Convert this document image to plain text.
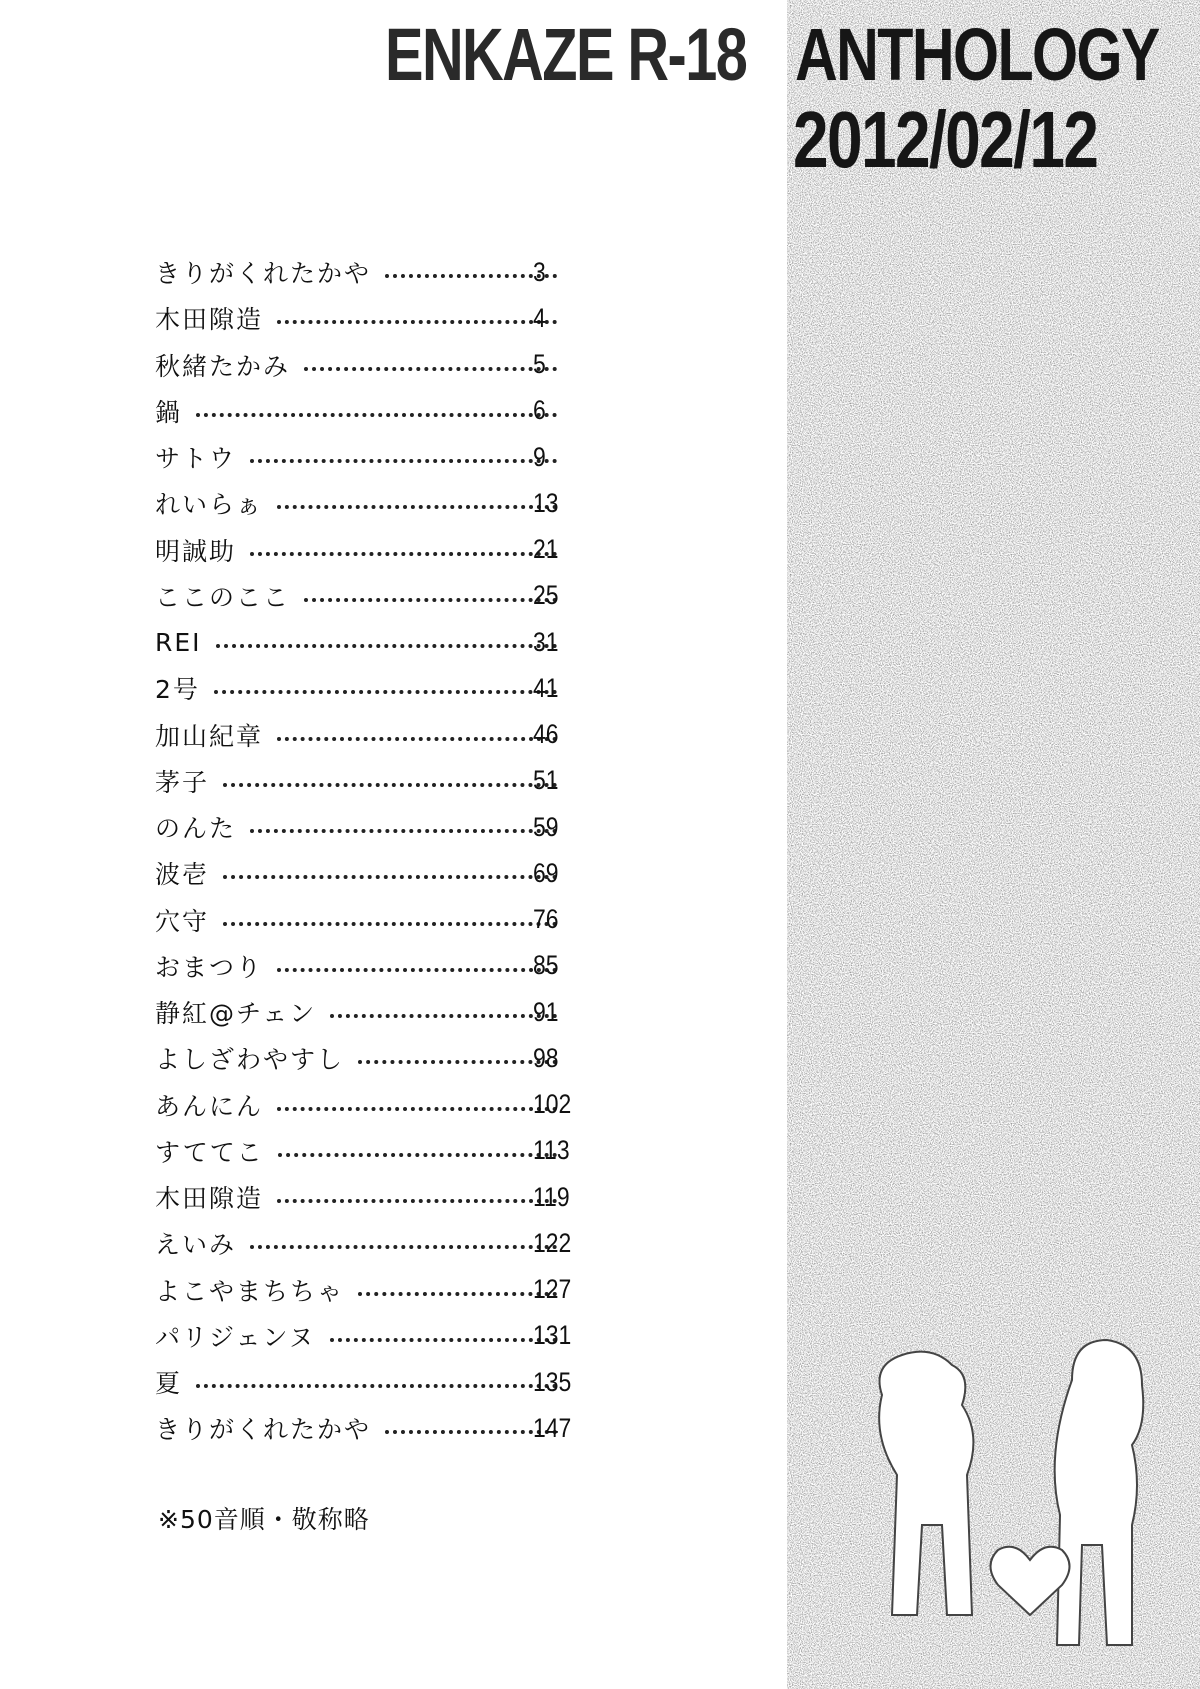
ENKAZE R-18 ANTHOLOGY
2012/02/12
きりがくれたかや	3
木田隙造	4
秋緒たかみ	5
鍋	6
サトウ	9
れいらぁ	13
明誠助	21
ここのここ	25
REI	31
2号	41
加山紀章	46
茅子	51
のんた	59
波壱	69
穴守	76
おまつり	85
静紅@チェン	91
よしざわやすし	98
あんにん	102
すててこ	113
木田隙造	119
えいみ	122
よこやまちちゃ	127
パリジェンヌ	131
夏	135
きりがくれたかや	147
※50音順・敬称略
